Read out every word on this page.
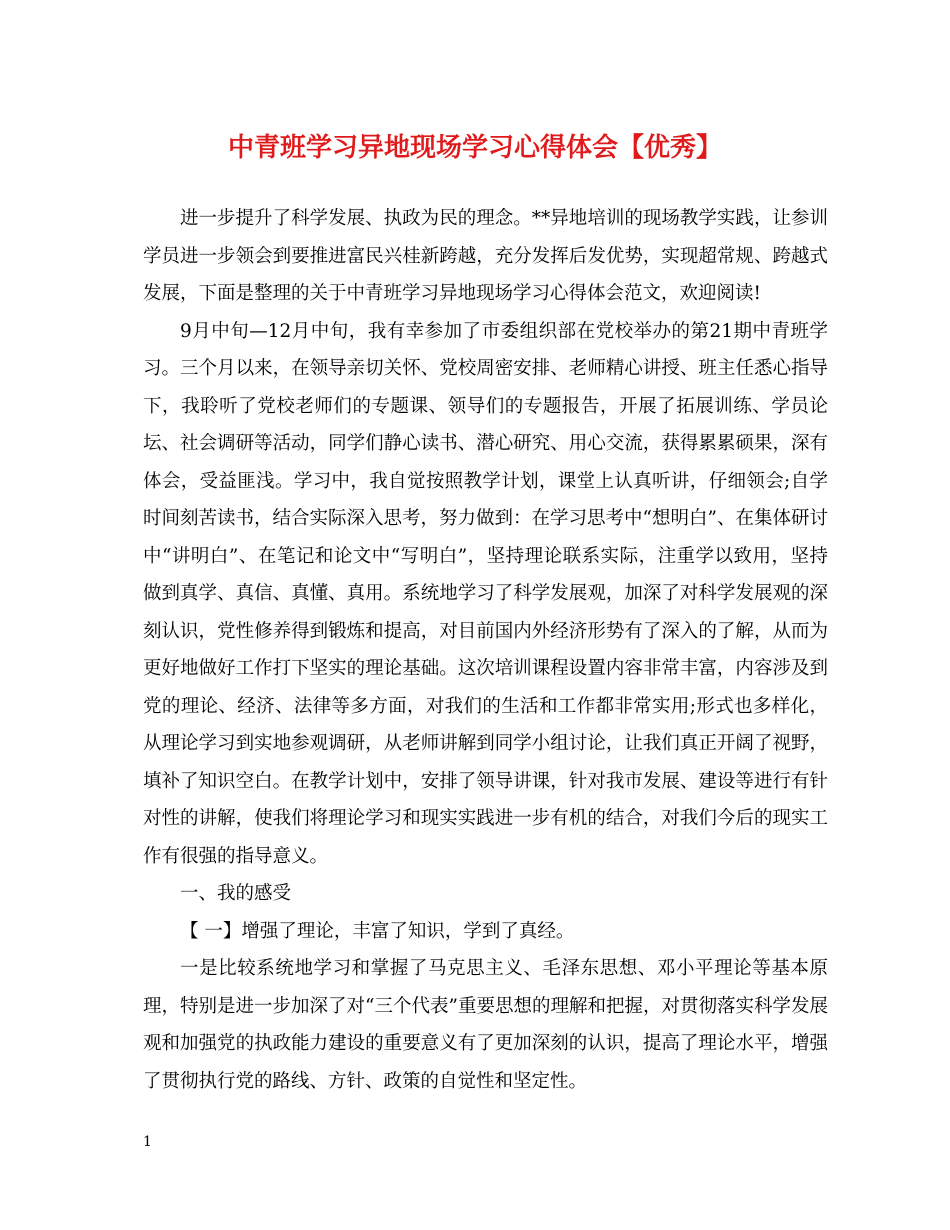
中青班学习异地现场学习心得体会【优秀】

进一步提升了科学发展、执政为民的理念。**异地培训的现场教学实践，让参训学员进一步领会到要推进富民兴桂新跨越，充分发挥后发优势，实现超常规、跨越式发展，下面是整理的关于中青班学习异地现场学习心得体会范文，欢迎阅读!

9月中旬—12月中旬，我有幸参加了市委组织部在党校举办的第21期中青班学习。三个月以来，在领导亲切关怀、党校周密安排、老师精心讲授、班主任悉心指导下，我聆听了党校老师们的专题课、领导们的专题报告，开展了拓展训练、学员论坛、社会调研等活动，同学们静心读书、潜心研究、用心交流，获得累累硕果，深有体会，受益匪浅。学习中，我自觉按照教学计划，课堂上认真听讲，仔细领会;自学时间刻苦读书，结合实际深入思考，努力做到：在学习思考中“想明白”、在集体研讨中“讲明白”、在笔记和论文中“写明白”，坚持理论联系实际，注重学以致用，坚持做到真学、真信、真懂、真用。系统地学习了科学发展观，加深了对科学发展观的深刻认识，党性修养得到锻炼和提高，对目前国内外经济形势有了深入的了解，从而为更好地做好工作打下坚实的理论基础。这次培训课程设置内容非常丰富，内容涉及到党的理论、经济、法律等多方面，对我们的生活和工作都非常实用;形式也多样化，从理论学习到实地参观调研，从老师讲解到同学小组讨论，让我们真正开阔了视野，填补了知识空白。在教学计划中，安排了领导讲课，针对我市发展、建设等进行有针对性的讲解，使我们将理论学习和现实实践进一步有机的结合，对我们今后的现实工作有很强的指导意义。

一、我的感受

【 一】增强了理论，丰富了知识，学到了真经。

一是比较系统地学习和掌握了马克思主义、毛泽东思想、邓小平理论等基本原理，特别是进一步加深了对“三个代表”重要思想的理解和把握，对贯彻落实科学发展观和加强党的执政能力建设的重要意义有了更加深刻的认识，提高了理论水平，增强了贯彻执行党的路线、方针、政策的自觉性和坚定性。

1
